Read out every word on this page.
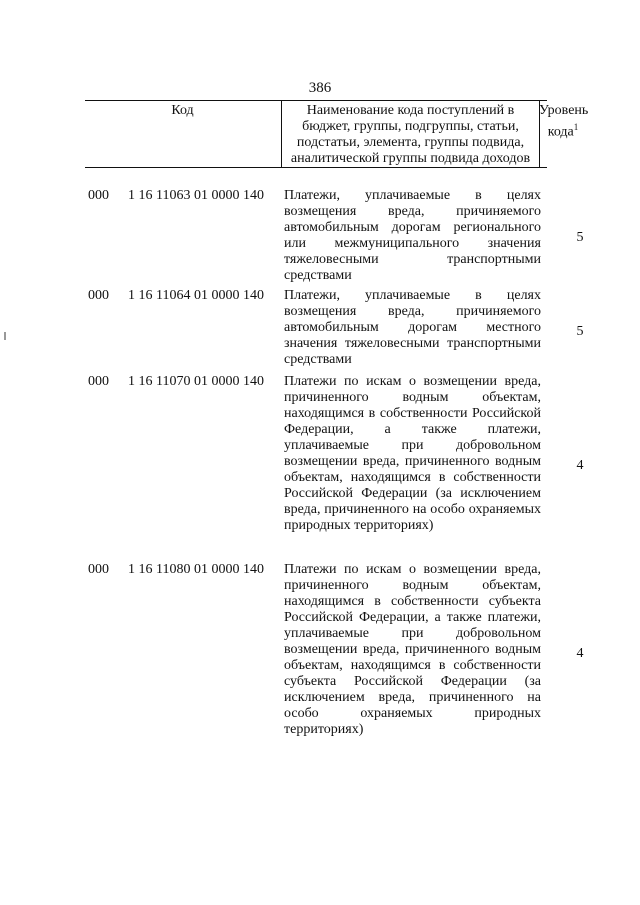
386
Код	Наименование кода поступлений в бюджет, группы, подгруппы, статьи, подстатьи, элемента, группы подвида, аналитической группы подвида доходов
Уровень кода$^1$
000 1 16 11063 01 0000 140 Платежи, уплачиваемые в целях возмещения вреда, причиняемого автомобильным дорогам регионального или межмуниципального значения тяжеловесными транспортными средствами
5
000 1 16 11064 01 0000 140 Платежи, уплачиваемые в целях возмещения вреда, причиняемого автомобильным дорогам местного значения тяжеловесными транспортными средствами
5
000 1 16 11070 01 0000 140 Платежи по искам о возмещении вреда, причиненного водным объектам, находящимся в собственности Российской Федерации, а также платежи, уплачиваемые при добровольном возмещении вреда, причиненного водным объектам, находящимся в собственности Российской Федерации (за исключением вреда, причиненного на особо охраняемых природных территориях)
4
000 1 16 11080 01 0000 140 Платежи по искам о возмещении вреда, причиненного водным объектам, находящимся в собственности субъекта Российской Федерации, а также платежи, уплачиваемые при добровольном возмещении вреда, причиненного водным объектам, находящимся в собственности субъекта Российской Федерации (за исключением вреда, причиненного на особо охраняемых природных территориях)
4
